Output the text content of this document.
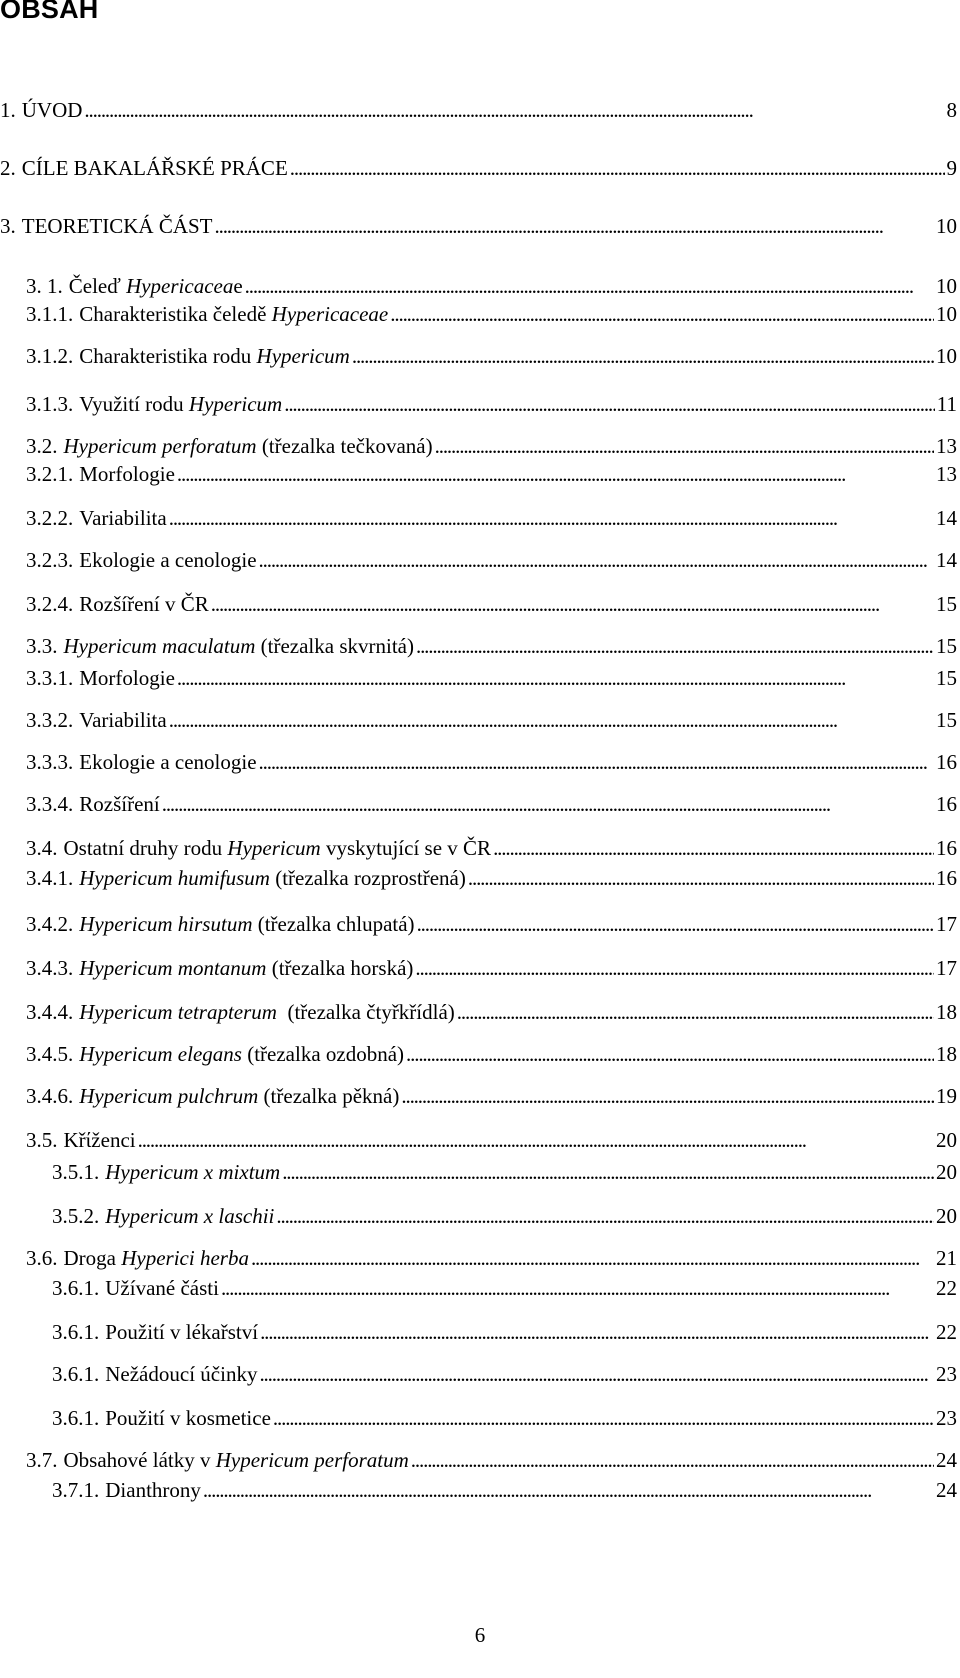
OBSAH
1. ÚVOD . . .	8
2. CÍLE BAKALÁŘSKÉ PRÁCE . . .	9
3. TEORETICKÁ ČÁST . . .	10
3. 1. Čeleď Hypericaceae . . .	10
3.1.1. Charakteristika čeledě Hypericaceae . . .	10
3.1.2. Charakteristika rodu Hypericum . . .	10
3.1.3. Využití rodu Hypericum . . .	11
3.2. Hypericum perforatum (třezalka tečkovaná) . . .	13
3.2.1. Morfologie . . .	13
3.2.2. Variabilita . . .	14
3.2.3. Ekologie a cenologie . . .	14
3.2.4. Rozšíření v ČR . . .	15
3.3. Hypericum maculatum (třezalka skvrnitá) . . .	15
3.3.1. Morfologie . . .	15
3.3.2. Variabilita . . .	15
3.3.3. Ekologie a cenologie . . .	16
3.3.4. Rozšíření . . .	16
3.4. Ostatní druhy rodu Hypericum vyskytující se v ČR . . .	16
3.4.1. Hypericum humifusum (třezalka rozprostřená) . . .	16
3.4.2. Hypericum hirsutum (třezalka chlupatá) . . .	17
3.4.3. Hypericum montanum (třezalka horská) . . .	17
3.4.4. Hypericum tetrapterum  (třezalka čtyřkřídlá) . . .	18
3.4.5. Hypericum elegans (třezalka ozdobná) . . .	18
3.4.6. Hypericum pulchrum (třezalka pěkná) . . .	19
3.5. Křίženci . . .	20
3.5.1. Hypericum x mixtum . . .	20
3.5.2. Hypericum x laschii . . .	20
3.6. Droga Hyperici herba . . .	21
3.6.1. Užívané části . . .	22
3.6.1. Použití v lékařství . . .	22
3.6.1. Nežádoucí účinky . . .	23
3.6.1. Použití v kosmetice . . .	23
3.7. Obsahové látky v Hypericum perforatum . . .	24
3.7.1. Dianthrony . . .	24
6
